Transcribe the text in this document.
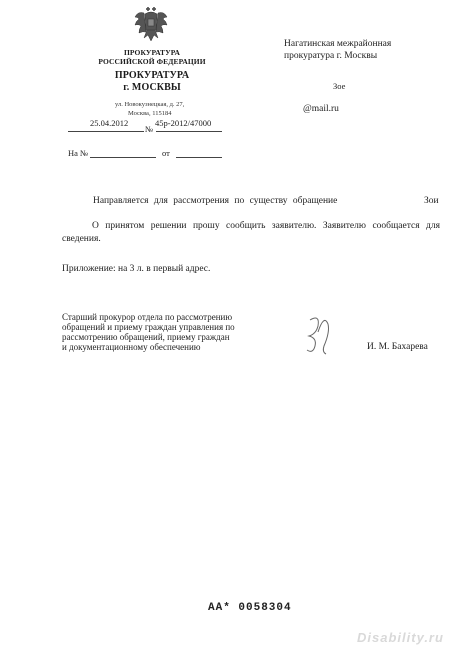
ПРОКУРАТУРА
РОССИЙСКОЙ ФЕДЕРАЦИИ
ПРОКУРАТУРА
г. МОСКВЫ
ул. Новокузнецкая, д. 27,
Москва, 115184
25.04.2012	45р-2012/47000
№
На №	от
Нагатинская межрайонная
прокуратура г. Москвы
Зое
@mail.ru
Направляется для рассмотрения по существу обращение	Зои
О принятом решении прошу сообщить заявителю. Заявителю сообщается для сведения.
Приложение: на 3 л. в первый адрес.
Старший прокурор отдела по рассмотрению
обращений и приему граждан управления по
рассмотрению обращений, приему граждан
и документационному обеспечению	И. М. Бахарева
АА* 0058304
Disability.ru
